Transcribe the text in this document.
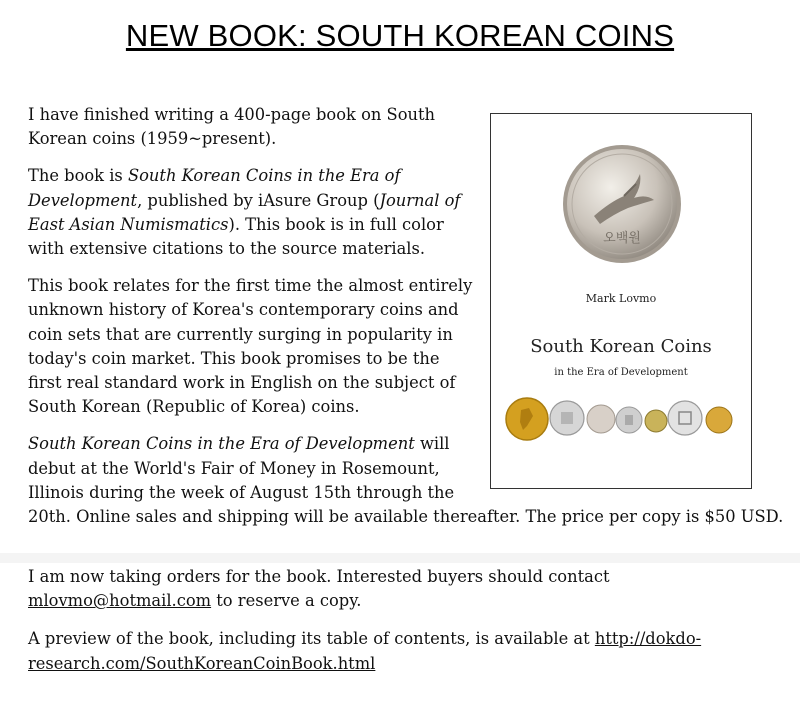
NEW BOOK: SOUTH KOREAN COINS
오백원
Mark Lovmo
South Korean Coins
in the Era of Development

I have finished writing a 400-page book on South Korean coins (1959~present).

The book is South Korean Coins in the Era of Development, published by iAsure Group (Journal of East Asian Numismatics). This book is in full color with extensive citations to the source materials.

This book relates for the first time the almost entirely unknown history of Korea's contemporary coins and coin sets that are currently surging in popularity in today's coin market. This book promises to be the first real standard work in English on the subject of South Korean (Republic of Korea) coins.

South Korean Coins in the Era of Development will debut at the World's Fair of Money in Rosemount, Illinois during the week of August 15th through the 20th. Online sales and shipping will be available thereafter. The price per copy is $50 USD.

I am now taking orders for the book. Interested buyers should contact mlovmo@hotmail.com to reserve a copy.

A preview of the book, including its table of contents, is available at http://dokdo-research.com/SouthKoreanCoinBook.html
